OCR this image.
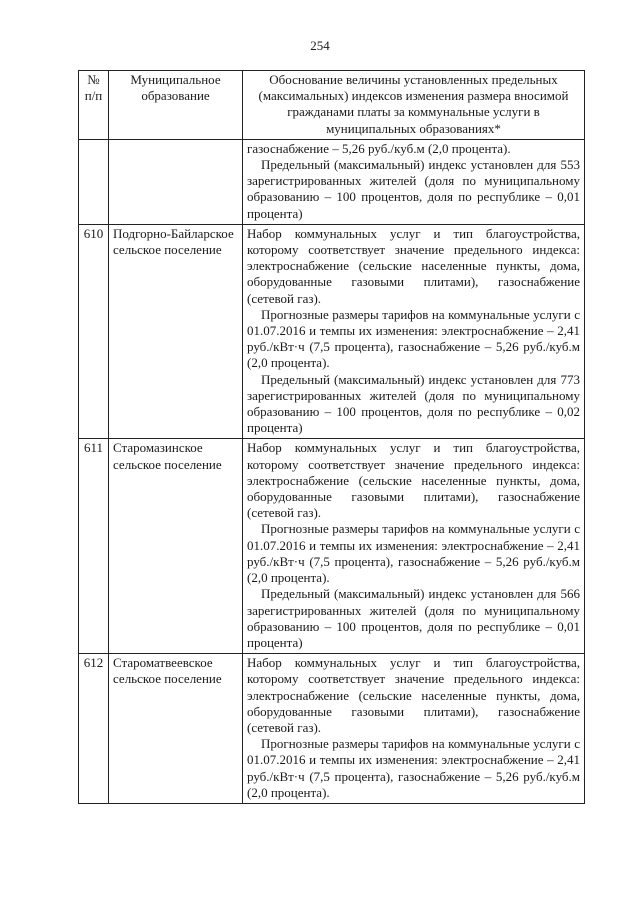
254
№ п/п	Муниципальное образование	Обоснование величины установленных предельных (максимальных) индексов изменения размера вносимой гражданами платы за коммунальные услуги в муниципальных образованиях*

		газоснабжение – 5,26 руб./куб.м (2,0 процента).

Предельный (максимальный) индекс установлен для 553 зарегистрированных жителей (доля по муниципальному образованию – 100 процентов, доля по республике – 0,01 процента)

610	Подгорно-Байларское сельское поселение	Набор коммунальных услуг и тип благоустройства, которому соответствует значение предельного индекса: электроснабжение (сельские населенные пункты, дома, оборудованные газовыми плитами), газоснабжение (сетевой газ).

Прогнозные размеры тарифов на коммунальные услуги с 01.07.2016 и темпы их изменения: электроснабжение – 2,41 руб./кВт·ч (7,5 процента), газоснабжение – 5,26 руб./куб.м (2,0 процента).

Предельный (максимальный) индекс установлен для 773 зарегистрированных жителей (доля по муниципальному образованию – 100 процентов, доля по республике – 0,02 процента)

611	Старомазинское сельское поселение	Набор коммунальных услуг и тип благоустройства, которому соответствует значение предельного индекса: электроснабжение (сельские населенные пункты, дома, оборудованные газовыми плитами), газоснабжение (сетевой газ).

Прогнозные размеры тарифов на коммунальные услуги с 01.07.2016 и темпы их изменения: электроснабжение – 2,41 руб./кВт·ч (7,5 процента), газоснабжение – 5,26 руб./куб.м (2,0 процента).

Предельный (максимальный) индекс установлен для 566 зарегистрированных жителей (доля по муниципальному образованию – 100 процентов, доля по республике – 0,01 процента)

612	Староматвеевское сельское поселение	Набор коммунальных услуг и тип благоустройства, которому соответствует значение предельного индекса: электроснабжение (сельские населенные пункты, дома, оборудованные газовыми плитами), газоснабжение (сетевой газ).

Прогнозные размеры тарифов на коммунальные услуги с 01.07.2016 и темпы их изменения: электроснабжение – 2,41 руб./кВт·ч (7,5 процента), газоснабжение – 5,26 руб./куб.м (2,0 процента).
